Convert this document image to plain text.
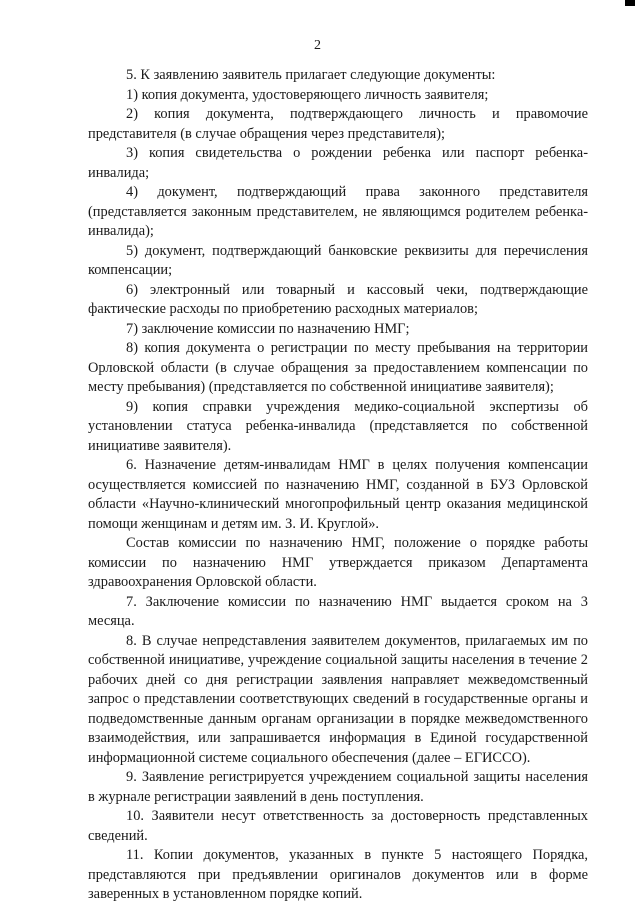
2

5. К заявлению заявитель прилагает следующие документы:

1) копия документа, удостоверяющего личность заявителя;

2) копия документа, подтверждающего личность и правомочие представителя (в случае обращения через представителя);

3) копия свидетельства о рождении ребенка или паспорт ребенка-инвалида;

4) документ, подтверждающий права законного представителя (представляется законным представителем, не являющимся родителем ребенка-инвалида);

5) документ, подтверждающий банковские реквизиты для перечисления компенсации;

6) электронный или товарный и кассовый чеки, подтверждающие фактические расходы по приобретению расходных материалов;

7) заключение комиссии по назначению НМГ;

8) копия документа о регистрации по месту пребывания на территории Орловской области (в случае обращения за предоставлением компенсации по месту пребывания) (представляется по собственной инициативе заявителя);

9) копия справки учреждения медико-социальной экспертизы об установлении статуса ребенка-инвалида (представляется по собственной инициативе заявителя).

6. Назначение детям-инвалидам НМГ в целях получения компенсации осуществляется комиссией по назначению НМГ, созданной в БУЗ Орловской области «Научно-клинический многопрофильный центр оказания медицинской помощи женщинам и детям им. З. И. Круглой».

Состав комиссии по назначению НМГ, положение о порядке работы комиссии по назначению НМГ утверждается приказом Департамента здравоохранения Орловской области.

7. Заключение комиссии по назначению НМГ выдается сроком на 3 месяца.

8. В случае непредставления заявителем документов, прилагаемых им по собственной инициативе, учреждение социальной защиты населения в течение 2 рабочих дней со дня регистрации заявления направляет межведомственный запрос о представлении соответствующих сведений в государственные органы и подведомственные данным органам организации в порядке межведомственного взаимодействия, или запрашивается информация в Единой государственной информационной системе социального обеспечения (далее – ЕГИССО).

9. Заявление регистрируется учреждением социальной защиты населения в журнале регистрации заявлений в день поступления.

10. Заявители несут ответственность за достоверность представленных сведений.

11. Копии документов, указанных в пункте 5 настоящего Порядка, представляются при предъявлении оригиналов документов или в форме заверенных в установленном порядке копий.
